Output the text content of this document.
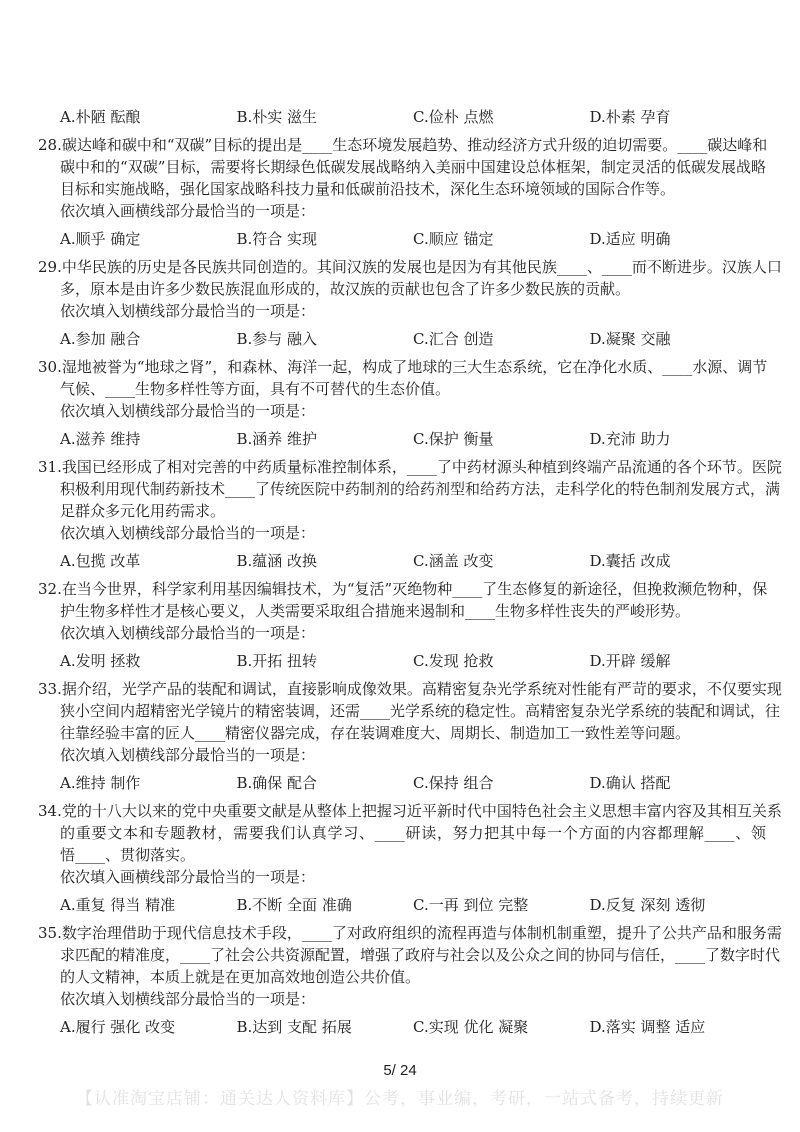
A.朴陋 酝酿	B.朴实 滋生	C.俭朴 点燃	D.朴素 孕育
28.碳达峰和碳中和“双碳”目标的提出是____生态环境发展趋势、推动经济方式升级的迫切需要。____碳达峰和
碳中和的“双碳”目标，需要将长期绿色低碳发展战略纳入美丽中国建设总体框架，制定灵活的低碳发展战略
目标和实施战略，强化国家战略科技力量和低碳前沿技术，深化生态环境领域的国际合作等。
依次填入画横线部分最恰当的一项是：
A.顺乎 确定	B.符合 实现	C.顺应 锚定	D.适应 明确
29.中华民族的历史是各民族共同创造的。其间汉族的发展也是因为有其他民族____、____而不断进步。汉族人口
多，原本是由许多少数民族混血形成的，故汉族的贡献也包含了许多少数民族的贡献。
依次填入划横线部分最恰当的一项是：
A.参加 融合	B.参与 融入	C.汇合 创造	D.凝聚 交融
30.湿地被誉为“地球之肾”，和森林、海洋一起，构成了地球的三大生态系统，它在净化水质、____水源、调节
气候、____生物多样性等方面，具有不可替代的生态价值。
依次填入划横线部分最恰当的一项是：
A.滋养 维持	B.涵养 维护	C.保护 衡量	D.充沛 助力
31.我国已经形成了相对完善的中药质量标准控制体系，____了中药材源头种植到终端产品流通的各个环节。医院
积极利用现代制药新技术____了传统医院中药制剂的给药剂型和给药方法，走科学化的特色制剂发展方式，满
足群众多元化用药需求。
依次填入划横线部分最恰当的一项是：
A.包揽 改革	B.蕴涵 改换	C.涵盖 改变	D.囊括 改成
32.在当今世界，科学家利用基因编辑技术，为“复活”灭绝物种____了生态修复的新途径，但挽救濒危物种，保
护生物多样性才是核心要义，人类需要采取组合措施来遏制和____生物多样性丧失的严峻形势。
依次填入划横线部分最恰当的一项是：
A.发明 拯救	B.开拓 扭转	C.发现 抢救	D.开辟 缓解
33.据介绍，光学产品的装配和调试，直接影响成像效果。高精密复杂光学系统对性能有严苛的要求，不仅要实现
狭小空间内超精密光学镜片的精密装调，还需____光学系统的稳定性。高精密复杂光学系统的装配和调试，往
往靠经验丰富的匠人____精密仪器完成，存在装调难度大、周期长、制造加工一致性差等问题。
依次填入划横线部分最恰当的一项是：
A.维持 制作	B.确保 配合	C.保持 组合	D.确认 搭配
34.党的十八大以来的党中央重要文献是从整体上把握习近平新时代中国特色社会主义思想丰富内容及其相互关系
的重要文本和专题教材，需要我们认真学习、____研读，努力把其中每一个方面的内容都理解____、领
悟____、贯彻落实。
依次填入画横线部分最恰当的一项是：
A.重复 得当 精准	B.不断 全面 准确	C.一再 到位 完整	D.反复 深刻 透彻
35.数字治理借助于现代信息技术手段，____了对政府组织的流程再造与体制机制重塑，提升了公共产品和服务需
求匹配的精准度，____了社会公共资源配置，增强了政府与社会以及公众之间的协同与信任，____了数字时代
的人文精神，本质上就是在更加高效地创造公共价值。
依次填入划横线部分最恰当的一项是：
A.履行 强化 改变	B.达到 支配 拓展	C.实现 优化 凝聚	D.落实 调整 适应
5/ 24
【认准淘宝店铺：通关达人资料库】公考，事业编，考研，一站式备考，持续更新
